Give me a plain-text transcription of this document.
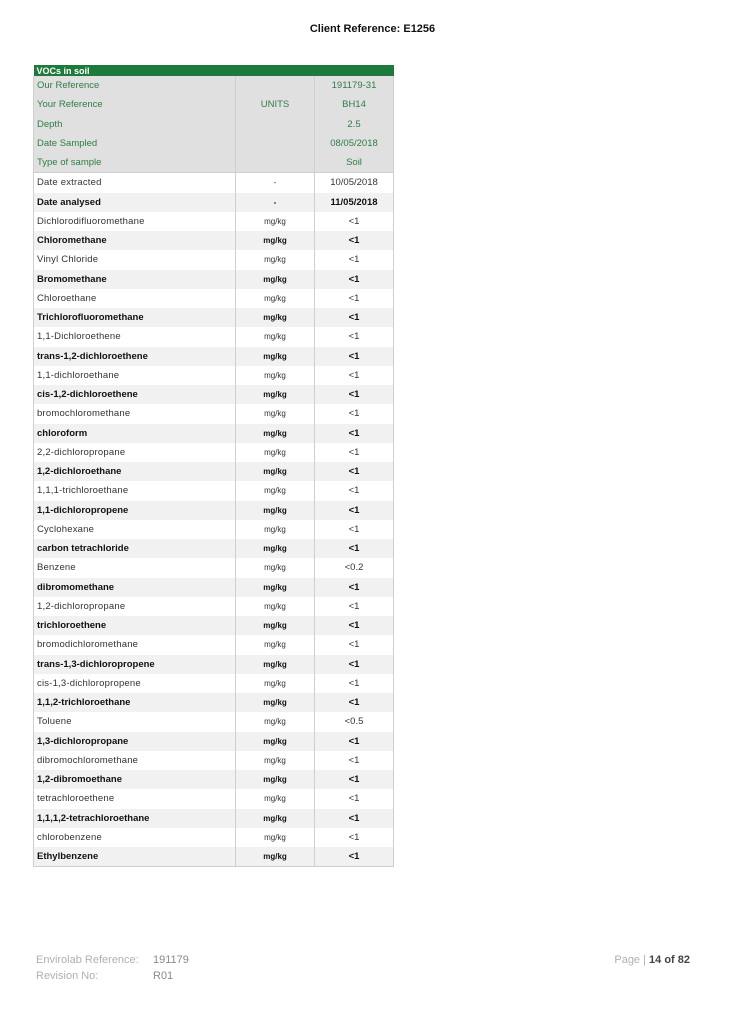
Client Reference: E1256
VOCs in soil		
Our Reference		191179-31
Your Reference	UNITS	BH14
Depth		2.5
Date Sampled		08/05/2018
Type of sample		Soil
Date extracted	-	10/05/2018
Date analysed	-	11/05/2018
Dichlorodifluoromethane	mg/kg	<1
Chloromethane	mg/kg	<1
Vinyl Chloride	mg/kg	<1
Bromomethane	mg/kg	<1
Chloroethane	mg/kg	<1
Trichlorofluoromethane	mg/kg	<1
1,1-Dichloroethene	mg/kg	<1
trans-1,2-dichloroethene	mg/kg	<1
1,1-dichloroethane	mg/kg	<1
cis-1,2-dichloroethene	mg/kg	<1
bromochloromethane	mg/kg	<1
chloroform	mg/kg	<1
2,2-dichloropropane	mg/kg	<1
1,2-dichloroethane	mg/kg	<1
1,1,1-trichloroethane	mg/kg	<1
1,1-dichloropropene	mg/kg	<1
Cyclohexane	mg/kg	<1
carbon tetrachloride	mg/kg	<1
Benzene	mg/kg	<0.2
dibromomethane	mg/kg	<1
1,2-dichloropropane	mg/kg	<1
trichloroethene	mg/kg	<1
bromodichloromethane	mg/kg	<1
trans-1,3-dichloropropene	mg/kg	<1
cis-1,3-dichloropropene	mg/kg	<1
1,1,2-trichloroethane	mg/kg	<1
Toluene	mg/kg	<0.5
1,3-dichloropropane	mg/kg	<1
dibromochloromethane	mg/kg	<1
1,2-dibromoethane	mg/kg	<1
tetrachloroethene	mg/kg	<1
1,1,1,2-tetrachloroethane	mg/kg	<1
chlorobenzene	mg/kg	<1
Ethylbenzene	mg/kg	<1
Envirolab Reference: 191179
Revision No:	R01
Page | 14 of 82
